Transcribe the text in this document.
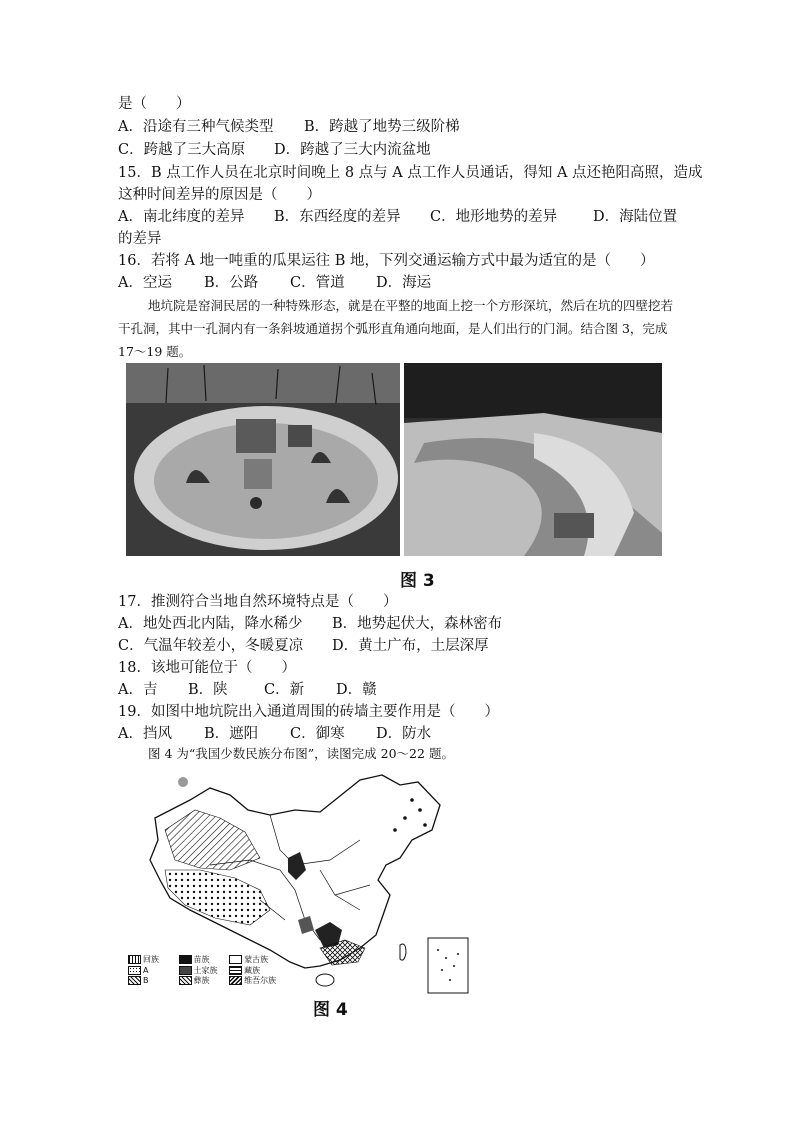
是（　　）
A．沿途有三种气候类型 B．跨越了地势三级阶梯
C．跨越了三大高原 D．跨越了三大内流盆地
15．B 点工作人员在北京时间晚上 8 点与 A 点工作人员通话，得知 A 点还艳阳高照，造成
这种时间差异的原因是（　　）
A．南北纬度的差异 B．东西经度的差异 C．地形地势的差异 D．海陆位置
的差异
16．若将 A 地一吨重的瓜果运往 B 地，下列交通运输方式中最为适宜的是（　　）
A．空运 B．公路 C．管道 D．海运
地坑院是窑洞民居的一种特殊形态，就是在平整的地面上挖一个方形深坑，然后在坑的四壁挖若干孔洞，其中一孔洞内有一条斜坡通道拐个弧形直角通向地面，是人们出行的门洞。结合图 3，完成 17～19 题。
图 3
17．推测符合当地自然环境特点是（　　）
A．地处西北内陆，降水稀少 B．地势起伏大，森林密布
C．气温年较差小，冬暖夏凉 D．黄土广布，土层深厚
18．该地可能位于（　　）
A．吉 B．陕	C．新 D．赣
19．如图中地坑院出入通道周围的砖墙主要作用是（　　）
A．挡风 B．遮阳 C．御寒 D．防水
图 4 为“我国少数民族分布图”，读图完成 20～22 题。
回族	苗族	蒙古族
A	土家族	藏族
B	彝族	维吾尔族
图 4
